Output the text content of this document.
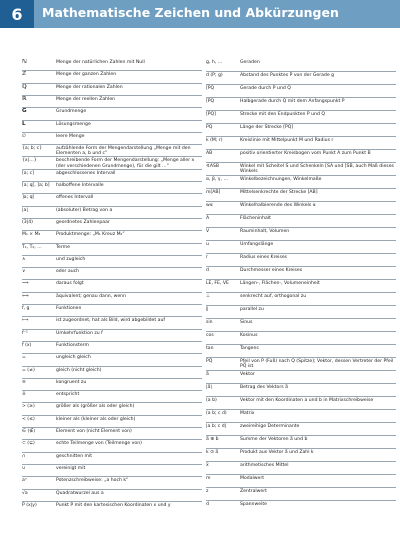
6	Mathematische Zeichen und Abkürzungen
ℕ	Menge der natürlichen Zahlen mit Null
ℤ	Menge der ganzen Zahlen
ℚ	Menge der rationalen Zahlen
ℝ	Menge der reellen Zahlen
G	Grundmenge
L	Lösungsmenge
∅	leere Menge
{a; b; c}	aufzählende Form der Mengendarstellung „Menge mit den Elementen a, b und c“
{x|…}	beschreibende Form der Mengendarstellung: „Menge aller x (der verschiedenen Grundmenge), für die gilt …“
[a; c]	abgeschlossenes Intervall
[a; q[, ]a; b] halboffene Intervalle
]a; q[	offenes Intervall
|a|	(absoluter) Betrag von a
(3|4)	geordnetes Zahlenpaar
M₁ × M₂	Produktmenge: „M₁ Kreuz M₂“
T₁, T₂, …	Terme
∧	und zugleich
∨	oder auch
⟹	daraus folgt
⟺	äquivalent; genau dann, wenn
f, g	Funktionen
⟼	ist zugeordnet, hat als Bild, wird abgebildet auf
f⁻¹	Umkehrfunktion zu f
f (x)	Funktionsterm
=	ungleich gleich
= (≠)	gleich (nicht gleich)
≅	kongruent zu
≙	entspricht
> (≥)	größer als (größer als oder gleich)
< (≤)	kleiner als (kleiner als oder gleich)
∈ (∉)	Element von (nicht Element von)
⊂ (⊆)	echte Teilmenge von (Teilmenge von)
∩	geschnitten mit
∪	vereinigt mit
aⁿ	Potenzschreibweise: „a hoch k“
√a	Quadratwurzel aus a
P (x|y)	Punkt P mit den kartesischen Koordinaten x und y
g, h, …	Geraden
d (P; g)	Abstand des Punktes P von der Gerade g
[PQ	Gerade durch P und Q
[PQ	Halbgerade durch Q mit dem Anfangspunkt P
[PQ]	Strecke mit den Endpunkten P und Q
PQ̄	Länge der Strecke [PQ]
k (M; r)	Kreislinie mit Mittelpunkt M und Radius r
AB̂	positiv orientierter Kreisbogen vom Punkt A zum Punkt B
∢ASB	Winkel mit Scheitel S und Schenkeln [SA und [SB, auch Maß dieses Winkels
α, β, γ, …	Winkelbezeichnungen, Winkelmaße
m[AB]	Mittelsenkrechte der Strecke [AB]
wα	Winkelhalbierende des Winkels α
A	Flächeninhalt
V	Rauminhalt, Volumen
u	Umfangslänge
r	Radius eines Kreises
d	Durchmesser eines Kreises
LE, FE, VE Längen-, Flächen-, Volumeneinheit
⊥	senkrecht auf, orthogonal zu
∥	parallel zu
sin	Sinus
cos	Kosinus
tan	Tangens
PQ⃗	Pfeil von P (Fuß) nach Q (Spitze); Vektor, dessen Vertreter der Pfeil PQ⃗ ist
a⃗	Vektor
|a⃗|	Betrag des Vektors a⃗
(a b)	Vektor mit den Koordinaten a und b in Matrixschreibweise
(a b; c d)	Matrix
|a b; c d|	zweireihige Determinante
a⃗ ⊕ b⃗	Summe der Vektoren a⃗ und b⃗
k ⊙ a⃗	Produkt aus Vektor a⃗ und Zahl k
x̄	arithmetisches Mittel
m	Modalwert
z	Zentralwert
d	Spannweite
